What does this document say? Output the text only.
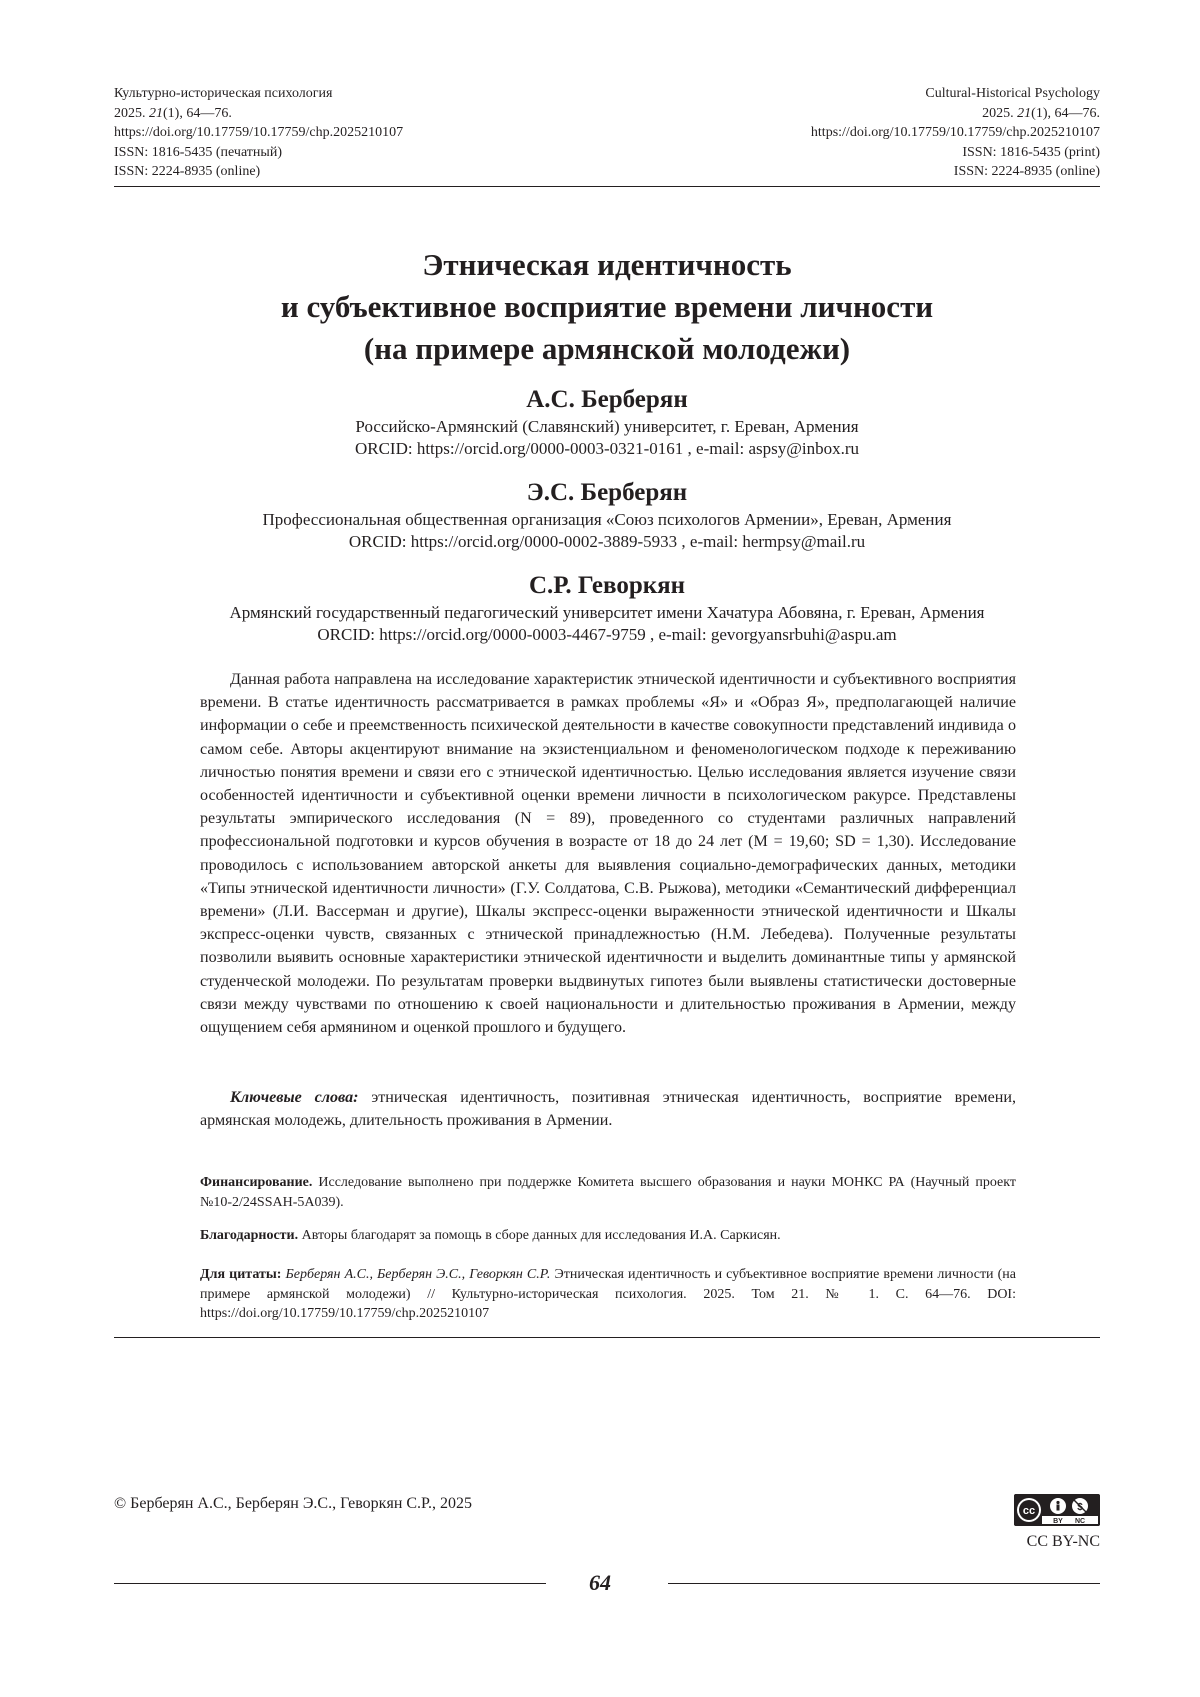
Культурно-историческая психология
2025. 21(1), 64—76.
https://doi.org/10.17759/10.17759/chp.2025210107
ISSN: 1816-5435 (печатный)
ISSN: 2224-8935 (online)
Cultural-Historical Psychology
2025. 21(1), 64—76.
https://doi.org/10.17759/10.17759/chp.2025210107
ISSN: 1816-5435 (print)
ISSN: 2224-8935 (online)
Этническая идентичность
и субъективное восприятие времени личности
(на примере армянской молодежи)
А.С. Берберян
Российско-Армянский (Славянский) университет, г. Ереван, Армения
ORCID: https://orcid.org/0000-0003-0321-0161 , e-mail: aspsy@inbox.ru
Э.С. Берберян
Профессиональная общественная организация «Союз психологов Армении», Ереван, Армения
ORCID: https://orcid.org/0000-0002-3889-5933 , e-mail: hermpsy@mail.ru
С.Р. Геворкян
Армянский государственный педагогический университет имени Хачатура Абовяна, г. Ереван, Армения
ORCID: https://orcid.org/0000-0003-4467-9759 , e-mail: gevorgyansrbuhi@aspu.am

Данная работа направлена на исследование характеристик этнической идентичности и субъективного восприятия времени. В статье идентичность рассматривается в рамках проблемы «Я» и «Образ Я», предполагающей наличие информации о себе и преемственность психической деятельности в качестве совокупности представлений индивида о самом себе. Авторы акцентируют внимание на экзистенциальном и феноменологическом подходе к переживанию личностью понятия времени и связи его с этнической идентичностью. Целью исследования является изучение связи особенностей идентичности и субъективной оценки времени личности в психологическом ракурсе. Представлены результаты эмпирического исследования (N = 89), проведенного со студентами различных направлений профессиональной подготовки и курсов обучения в возрасте от 18 до 24 лет (M = 19,60; SD = 1,30). Исследование проводилось с использованием авторской анкеты для выявления социально-демографических данных, методики «Типы этнической идентичности личности» (Г.У. Солдатова, С.В. Рыжова), методики «Семантический дифференциал времени» (Л.И. Вассерман и другие), Шкалы экспресс-оценки выраженности этнической идентичности и Шкалы экспресс-оценки чувств, связанных с этнической принадлежностью (Н.М. Лебедева). Полученные результаты позволили выявить основные характеристики этнической идентичности и выделить доминантные типы у армянской студенческой молодежи. По результатам проверки выдвинутых гипотез были выявлены статистически достоверные связи между чувствами по отношению к своей национальности и длительностью проживания в Армении, между ощущением себя армянином и оценкой прошлого и будущего.

Ключевые слова: этническая идентичность, позитивная этническая идентичность, восприятие времени, армянская молодежь, длительность проживания в Армении.

Финансирование. Исследование выполнено при поддержке Комитета высшего образования и науки МОНКС РА (Научный проект №10-2/24SSAH-5A039).

Благодарности. Авторы благодарят за помощь в сборе данных для исследования И.А. Саркисян.

Для цитаты: Берберян А.С., Берберян Э.С., Геворкян С.Р. Этническая идентичность и субъективное восприятие времени личности (на примере армянской молодежи) // Культурно-историческая психология. 2025. Том 21. № 1. С. 64—76. DOI: https://doi.org/10.17759/10.17759/chp.2025210107

© Берберян А.С., Берберян Э.С., Геворкян С.Р., 2025	cc	$
BY NC
CC BY-NC
64
